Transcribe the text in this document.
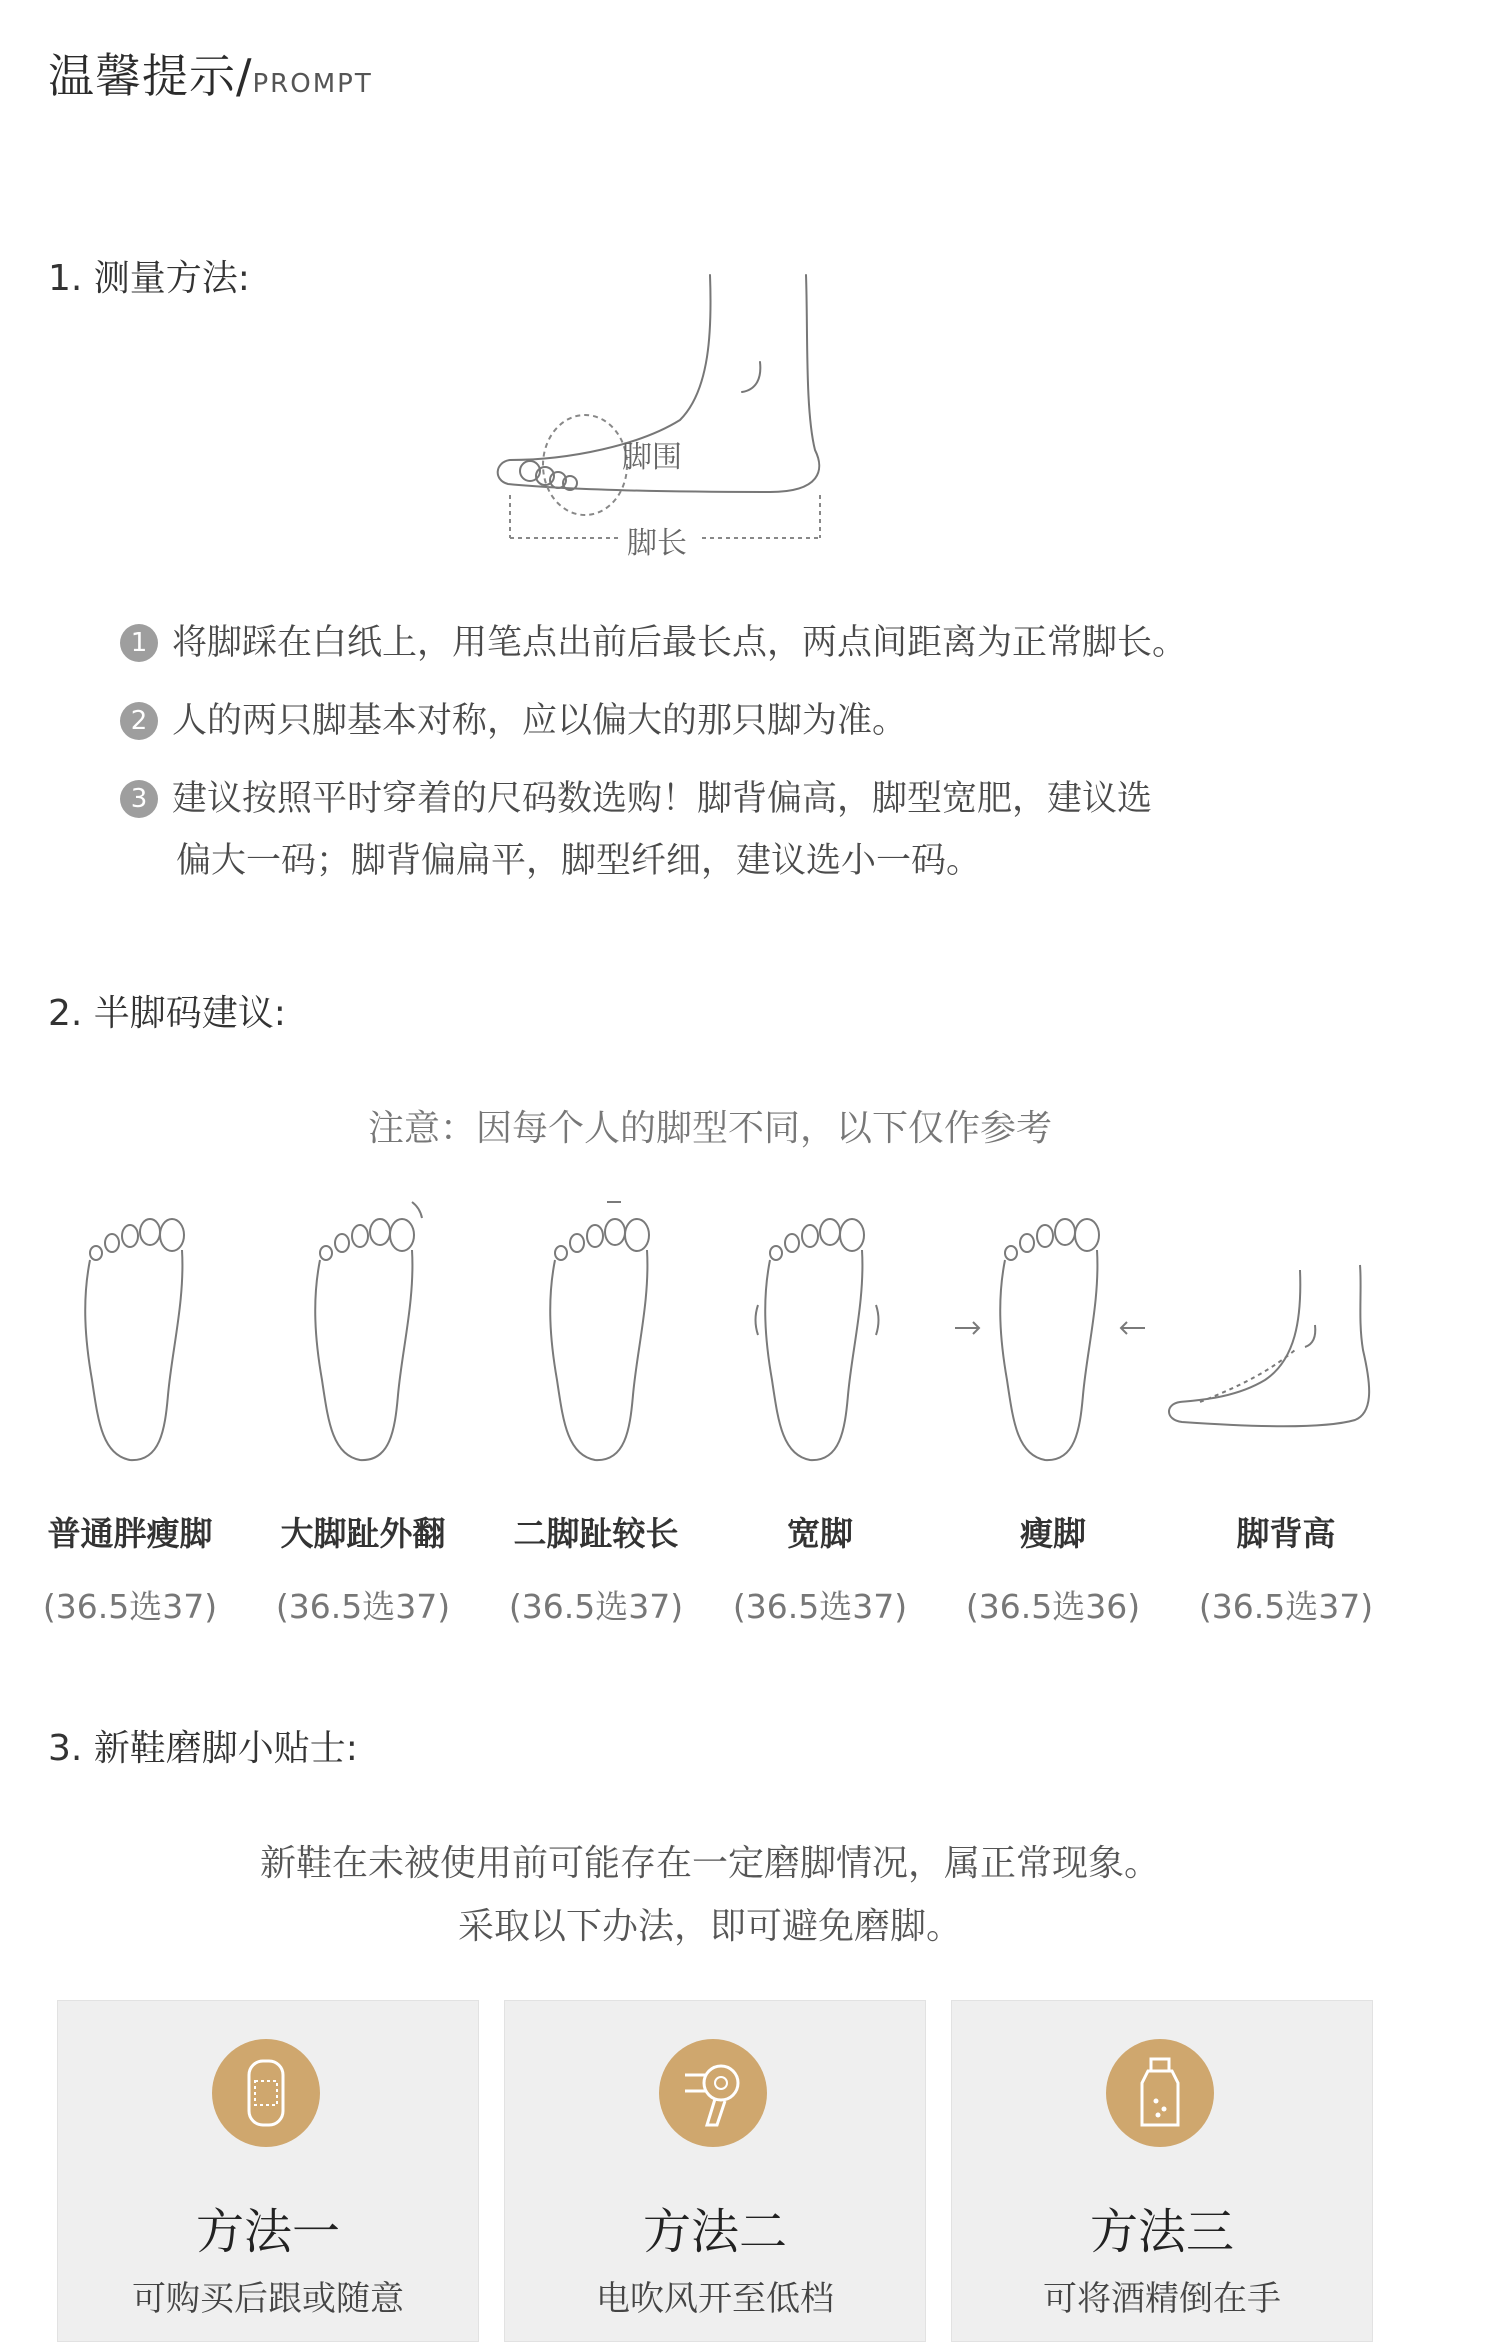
温馨提示/PROMPT
1. 测量方法:
脚围
脚长
1 将脚踩在白纸上，用笔点出前后最长点，两点间距离为正常脚长。
2 人的两只脚基本对称，应以偏大的那只脚为准。
3 建议按照平时穿着的尺码数选购！脚背偏高，脚型宽肥，建议选
偏大一码；脚背偏扁平，脚型纤细，建议选小一码。
2. 半脚码建议:
注意：因每个人的脚型不同，以下仅作参考
普通胖瘦脚
(36.5选37)
大脚趾外翻
(36.5选37)
二脚趾较长
(36.5选37)
宽脚
(36.5选37)
瘦脚
(36.5选36)
脚背高
(36.5选37)
3. 新鞋磨脚小贴士:
新鞋在未被使用前可能存在一定磨脚情况，属正常现象。
采取以下办法，即可避免磨脚。
方法一
可购买后跟或随意
方法二
电吹风开至低档
方法三
可将酒精倒在手
